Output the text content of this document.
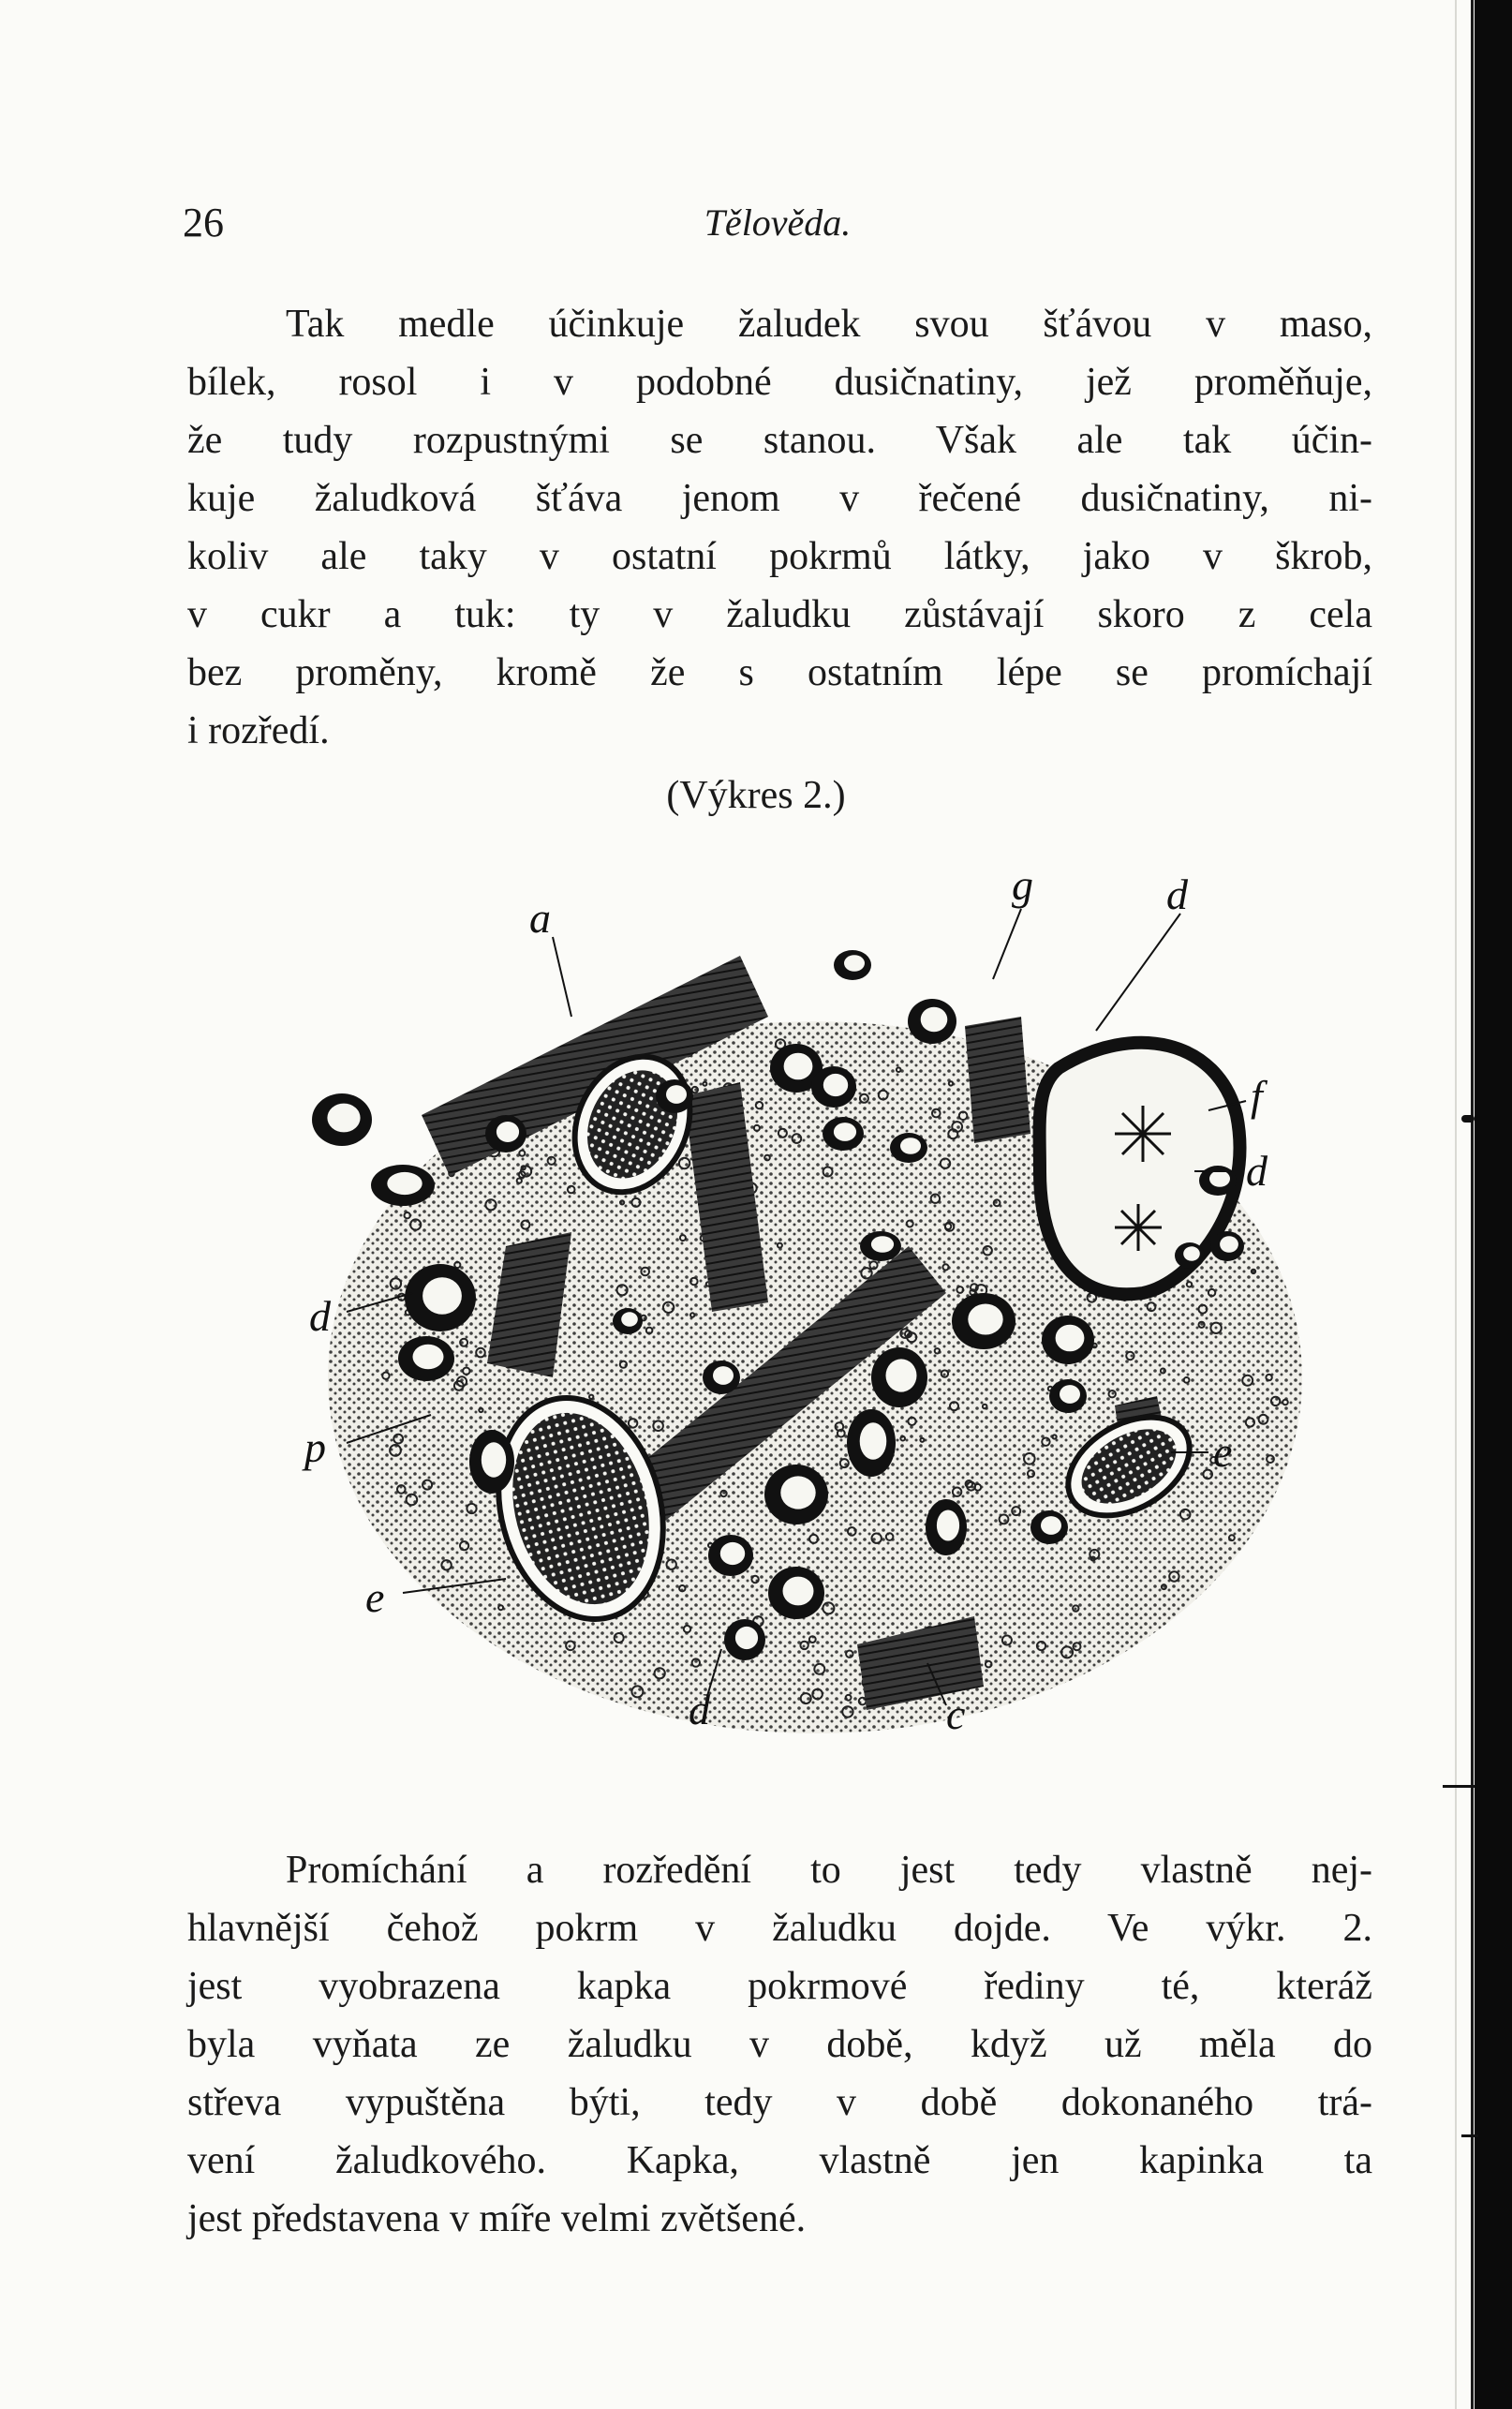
26	Tělověda.
Tak medle účinkuje žaludek svou šťávou v maso,
bílek, rosol i v podobné dusičnatiny, jež proměňuje,
že tudy rozpustnými se stanou. Však ale tak účin-
kuje žaludková šťáva jenom v řečené dusičnatiny, ni-
koliv ale taky v ostatní pokrmů látky, jako v škrob,
v cukr a tuk: ty v žaludku zůstávají skoro z cela
bez proměny, kromě že s ostatním lépe se promíchají
i rozředí.
(Výkres 2.)
a
g	d
f
d
d
p	e
e
d	c
Promíchání a rozředění to jest tedy vlastně nej-
hlavnější čehož pokrm v žaludku dojde. Ve výkr. 2.
jest vyobrazena kapka pokrmové řediny té, kteráž
byla vyňata ze žaludku v době, když už měla do
střeva vypuštěna býti, tedy v době dokonaného trá-
vení žaludkového. Kapka, vlastně jen kapinka ta
jest představena v míře velmi zvětšené.
